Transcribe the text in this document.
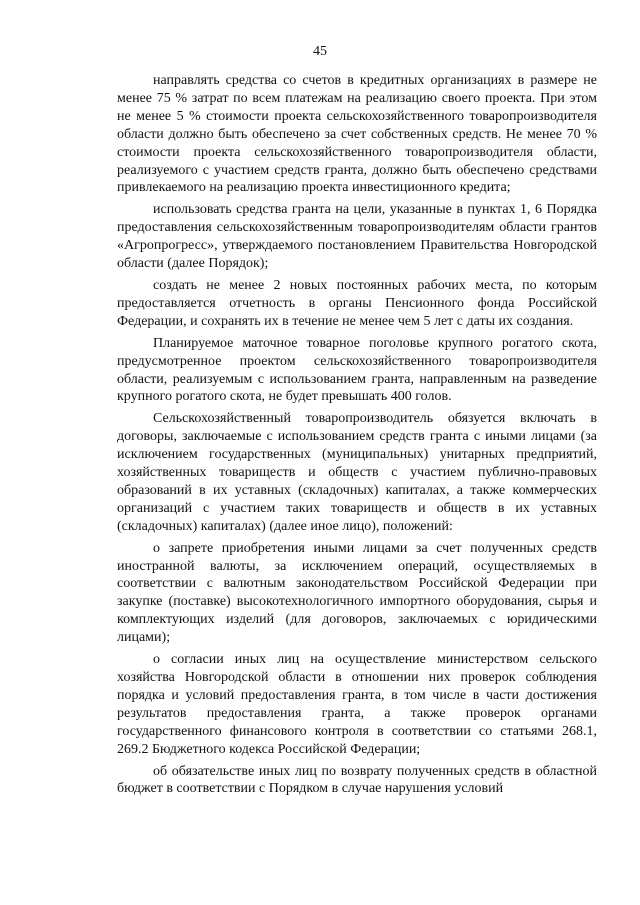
45

направлять средства со счетов в кредитных организациях в размере не менее 75 % затрат по всем платежам на реализацию своего проекта. При этом не менее 5 % стоимости проекта сельскохозяйственного товаропроизводителя области должно быть обеспечено за счет собственных средств. Не менее 70 % стоимости проекта сельскохозяйственного товаропроизводителя области, реализуемого с участием средств гранта, должно быть обеспечено средствами привлекаемого на реализацию проекта инвестиционного кредита;

использовать средства гранта на цели, указанные в пунктах 1, 6 Порядка предоставления сельскохозяйственным товаропроизводителям области грантов «Агропрогресс», утверждаемого постановлением Правительства Новгородской области (далее Порядок);

создать не менее 2 новых постоянных рабочих места, по которым предоставляется отчетность в органы Пенсионного фонда Российской Федерации, и сохранять их в течение не менее чем 5 лет с даты их создания.

Планируемое маточное товарное поголовье крупного рогатого скота, предусмотренное проектом сельскохозяйственного товаропроизводителя области, реализуемым с использованием гранта, направленным на разведение крупного рогатого скота, не будет превышать 400 голов.

Сельскохозяйственный товаропроизводитель обязуется включать в договоры, заключаемые с использованием средств гранта с иными лицами (за исключением государственных (муниципальных) унитарных предприятий, хозяйственных товариществ и обществ с участием публично-правовых образований в их уставных (складочных) капиталах, а также коммерческих организаций с участием таких товариществ и обществ в их уставных (складочных) капиталах) (далее иное лицо), положений:

о запрете приобретения иными лицами за счет полученных средств иностранной валюты, за исключением операций, осуществляемых в соответствии с валютным законодательством Российской Федерации при закупке (поставке) высокотехнологичного импортного оборудования, сырья и комплектующих изделий (для договоров, заключаемых с юридическими лицами);

о согласии иных лиц на осуществление министерством сельского хозяйства Новгородской области в отношении них проверок соблюдения порядка и условий предоставления гранта, в том числе в части достижения результатов предоставления гранта, а также проверок органами государственного финансового контроля в соответствии со статьями 268.1, 269.2 Бюджетного кодекса Российской Федерации;

об обязательстве иных лиц по возврату полученных средств в областной бюджет в соответствии с Порядком в случае нарушения условий
